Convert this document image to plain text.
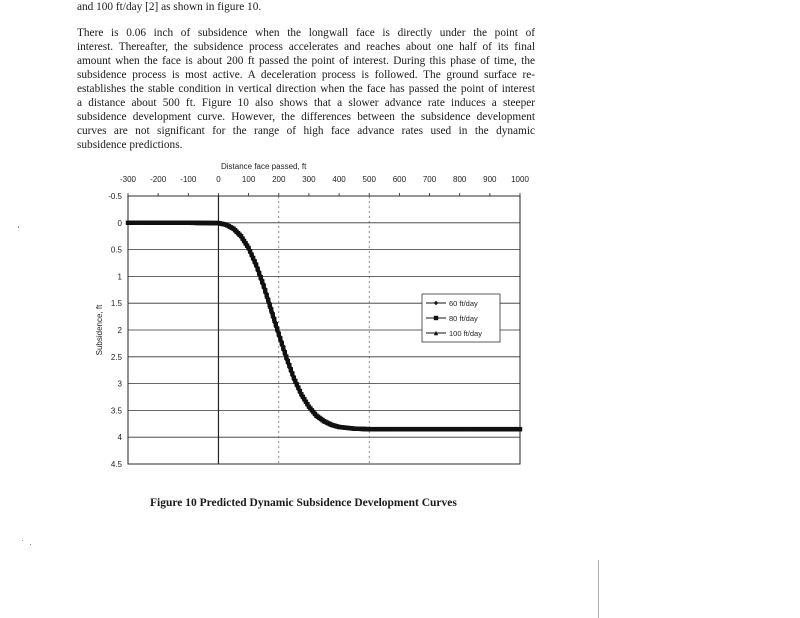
and 100 ft/day [2] as shown in figure 10.
There is 0.06 inch of subsidence when the longwall face is directly under the point of
interest. Thereafter, the subsidence process accelerates and reaches about one half of its final
amount when the face is about 200 ft passed the point of interest. During this phase of time, the
subsidence process is most active. A deceleration process is followed. The ground surface re-
establishes the stable condition in vertical direction when the face has passed the point of interest
a distance about 500 ft. Figure 10 also shows that a slower advance rate induces a steeper
subsidence development curve. However, the differences between the subsidence development
curves are not significant for the range of high face advance rates used in the dynamic
subsidence predictions.
-300 -200 -100 0	100 200 300 400 500 600 700 800 900 1000
-0.5
0
0.5
1
1.5
2
2.5
3
3.5
4
4.5
Distance face passed, ft
Subsidence, ft
60 ft/day
80 ft/day
100 ft/day
Figure 10 Predicted Dynamic Subsidence Development Curves
